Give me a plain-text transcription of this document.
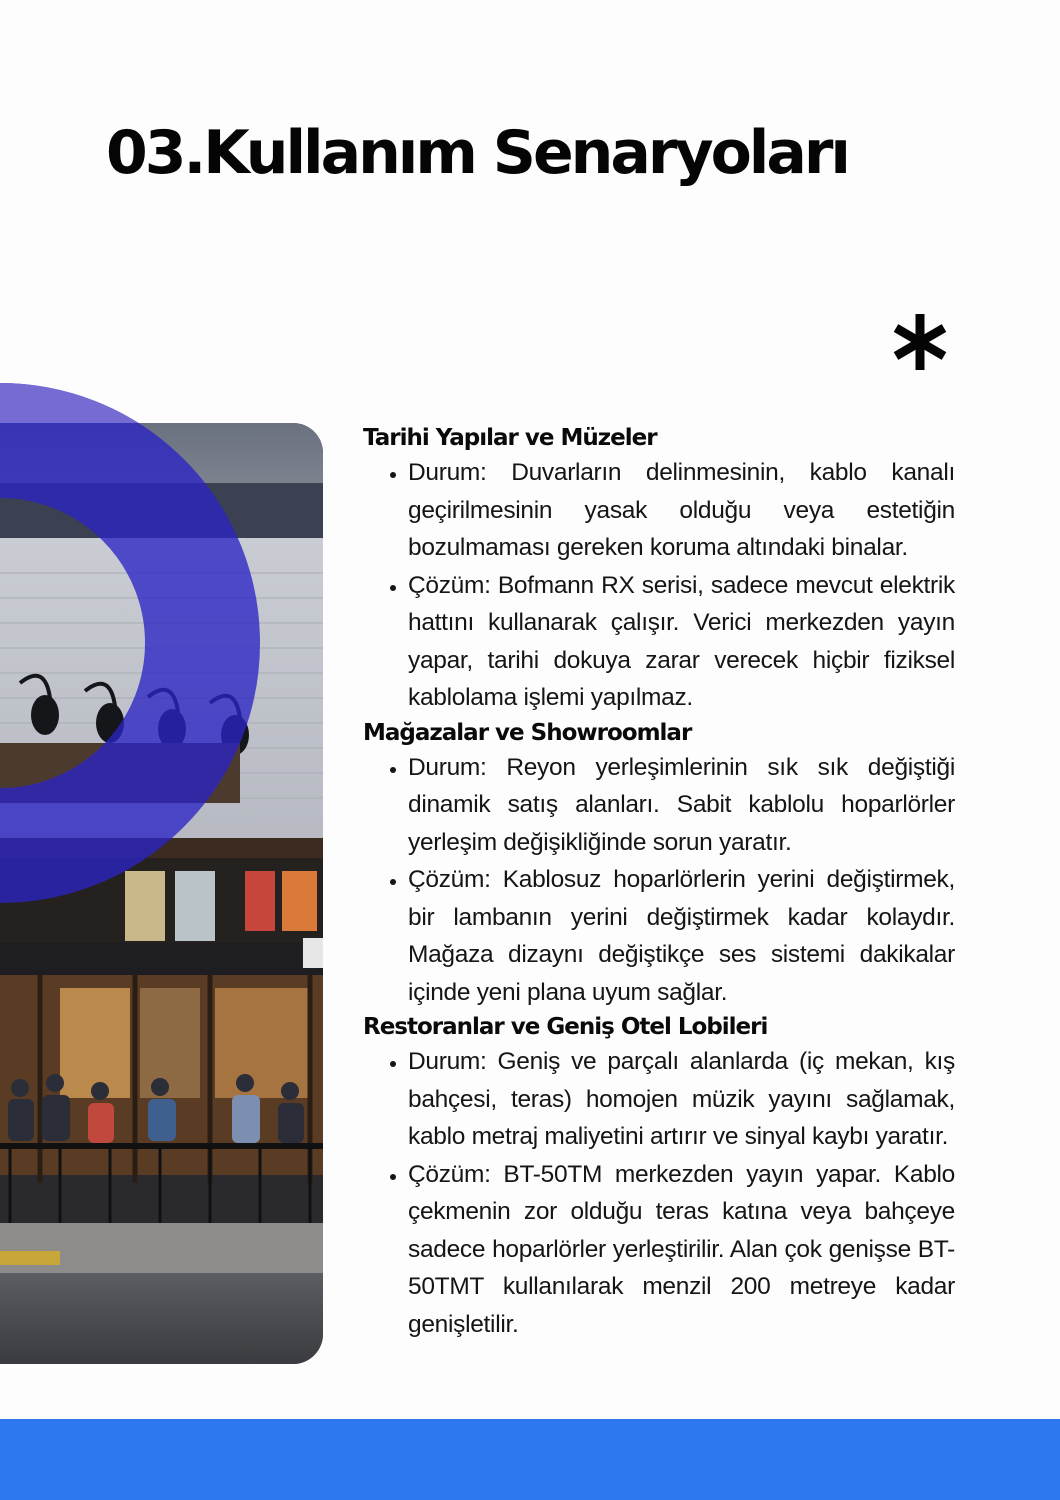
03.Kullanım Senaryoları
Tarihi Yapılar ve Müzeler
• Durum: Duvarların delinmesinin, kablo kanalı geçirilmesinin yasak olduğu veya estetiğin bozulmaması gereken koruma altındaki binalar.
• Çözüm: Bofmann RX serisi, sadece mevcut elektrik hattını kullanarak çalışır. Verici merkezden yayın yapar, tarihi dokuya zarar verecek hiçbir fiziksel kablolama işlemi yapılmaz.
Mağazalar ve Showroomlar
• Durum: Reyon yerleşimlerinin sık sık değiştiği dinamik satış alanları. Sabit kablolu hoparlörler yerleşim değişikliğinde sorun yaratır.
• Çözüm: Kablosuz hoparlörlerin yerini değiştirmek, bir lambanın yerini değiştirmek kadar kolaydır. Mağaza dizaynı değiştikçe ses sistemi dakikalar içinde yeni plana uyum sağlar.
Restoranlar ve Geniş Otel Lobileri
• Durum: Geniş ve parçalı alanlarda (iç mekan, kış bahçesi, teras) homojen müzik yayını sağlamak, kablo metraj maliyetini artırır ve sinyal kaybı yaratır.
• Çözüm: BT-50TM merkezden yayın yapar. Kablo çekmenin zor olduğu teras katına veya bahçeye sadece hoparlörler yerleştirilir. Alan çok genişse BT-50TMT kullanılarak menzil 200 metreye kadar genişletilir.
